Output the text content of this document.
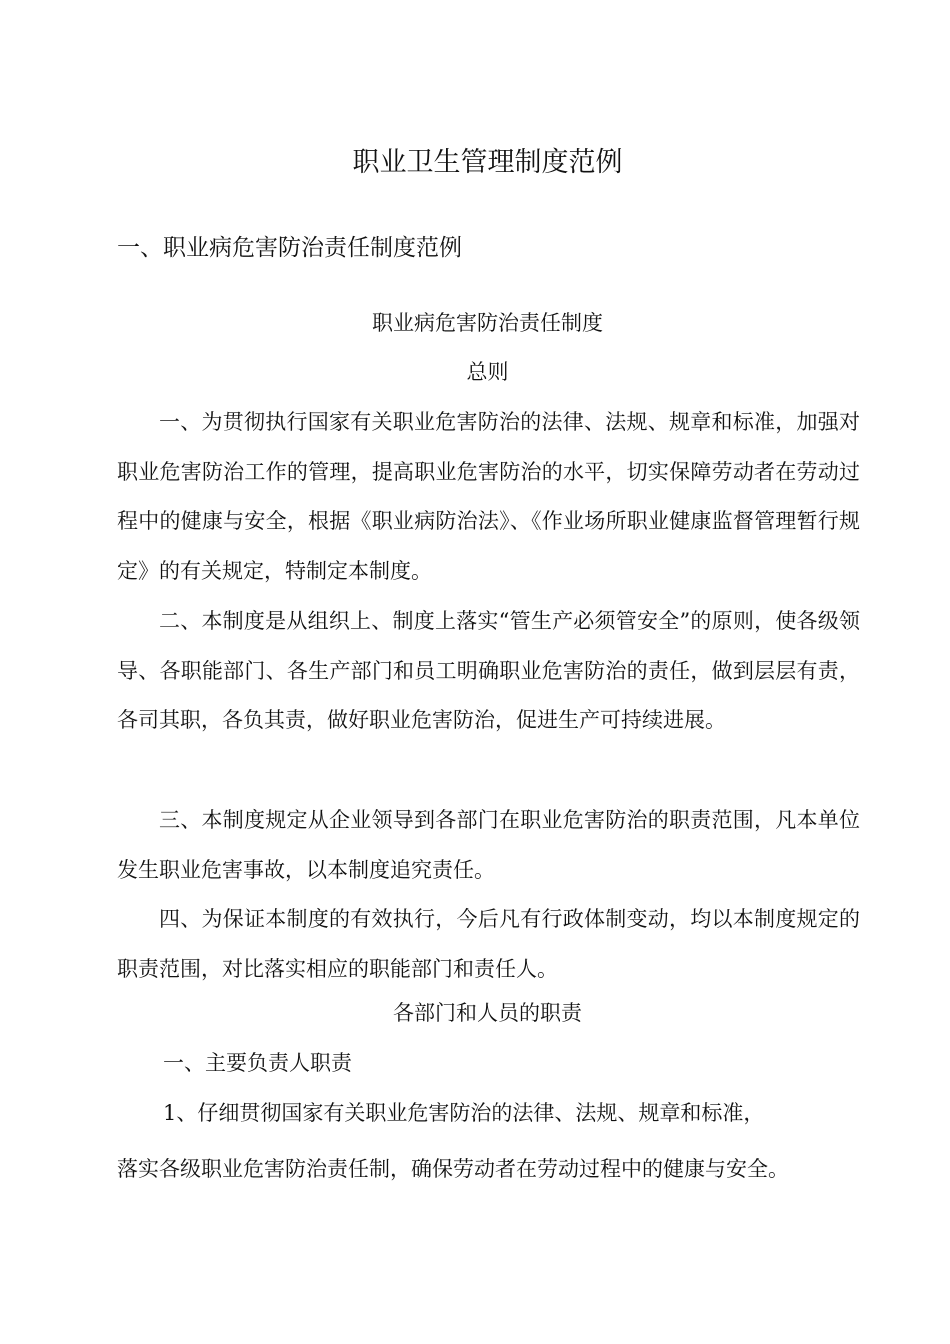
职业卫生管理制度范例
一、职业病危害防治责任制度范例
职业病危害防治责任制度
总则
一、为贯彻执行国家有关职业危害防治的法律、法规、规章和标准，加强对职业危害防治工作的管理，提高职业危害防治的水平，切实保障劳动者在劳动过程中的健康与安全，根据《职业病防治法》、《作业场所职业健康监督管理暂行规定》的有关规定，特制定本制度。
二、本制度是从组织上、制度上落实“管生产必须管安全”的原则，使各级领导、各职能部门、各生产部门和员工明确职业危害防治的责任，做到层层有责，各司其职，各负其责，做好职业危害防治，促进生产可持续进展。
三、本制度规定从企业领导到各部门在职业危害防治的职责范围，凡本单位发生职业危害事故，以本制度追究责任。
四、为保证本制度的有效执行，今后凡有行政体制变动，均以本制度规定的职责范围，对比落实相应的职能部门和责任人。
各部门和人员的职责
一、主要负责人职责
1、仔细贯彻国家有关职业危害防治的法律、法规、规章和标准，
落实各级职业危害防治责任制，确保劳动者在劳动过程中的健康与安全。
